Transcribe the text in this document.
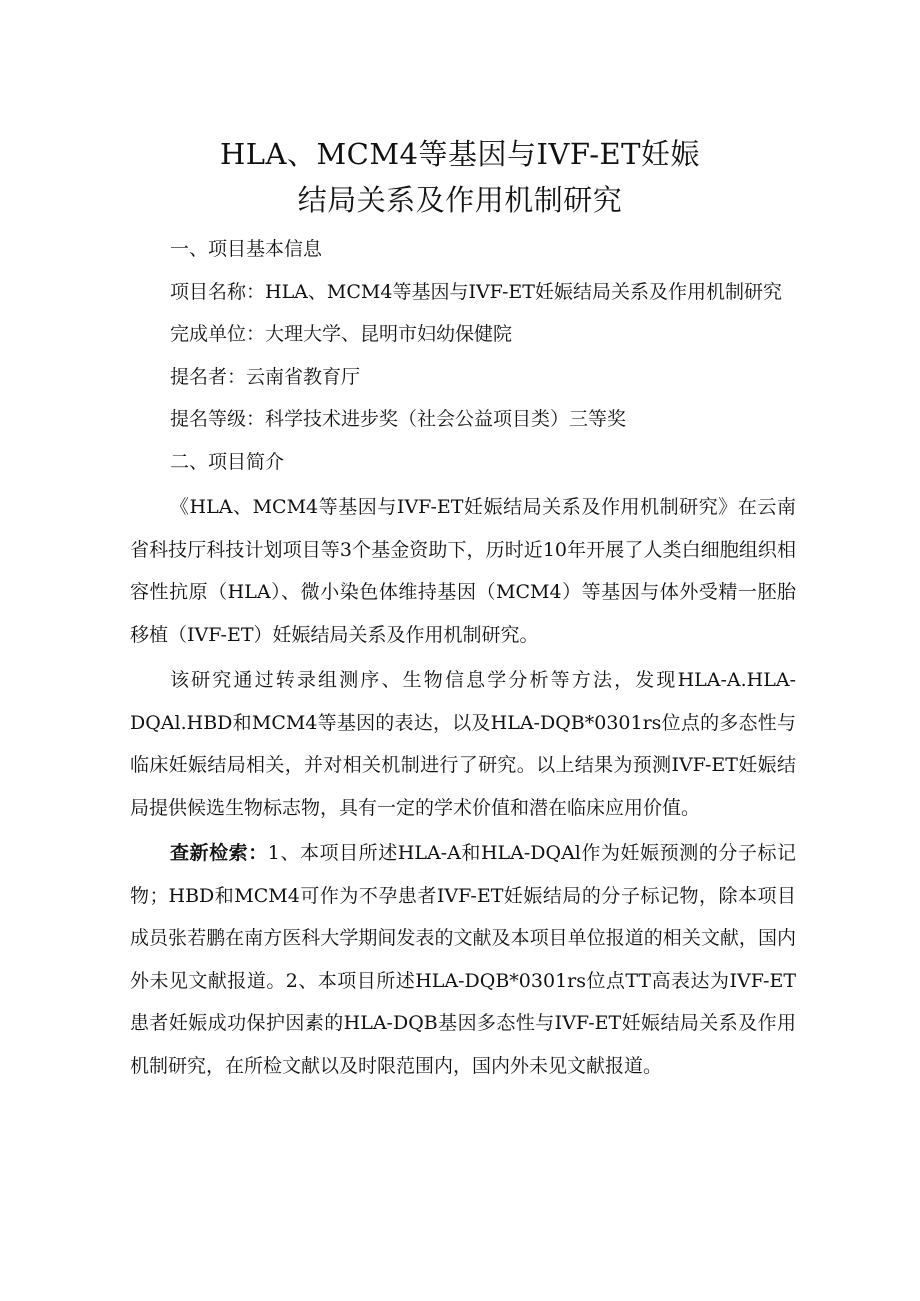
HLA、MCM4等基因与IVF-ET妊娠
结局关系及作用机制研究

一、项目基本信息

项目名称：HLA、MCM4等基因与IVF-ET妊娠结局关系及作用机制研究

完成单位：大理大学、昆明市妇幼保健院

提名者：云南省教育厅

提名等级：科学技术进步奖（社会公益项目类）三等奖

二、项目简介

《HLA、MCM4等基因与IVF-ET妊娠结局关系及作用机制研究》在云南省科技厅科技计划项目等3个基金资助下，历时近10年开展了人类白细胞组织相容性抗原（HLA）、微小染色体维持基因（MCM4）等基因与体外受精一胚胎移植（IVF-ET）妊娠结局关系及作用机制研究。

该研究通过转录组测序、生物信息学分析等方法，发现HLA-A.HLA-DQAl.HBD和MCM4等基因的表达，以及HLA-DQB*0301rs位点的多态性与临床妊娠结局相关，并对相关机制进行了研究。以上结果为预测IVF-ET妊娠结局提供候选生物标志物，具有一定的学术价值和潜在临床应用价值。

查新检索：1、本项目所述HLA-A和HLA-DQAl作为妊娠预测的分子标记物；HBD和MCM4可作为不孕患者IVF-ET妊娠结局的分子标记物，除本项目成员张若鹏在南方医科大学期间发表的文献及本项目单位报道的相关文献，国内外未见文献报道。2、本项目所述HLA-DQB*0301rs位点TT高表达为IVF-ET患者妊娠成功保护因素的HLA-DQB基因多态性与IVF-ET妊娠结局关系及作用机制研究，在所检文献以及时限范围内，国内外未见文献报道。
